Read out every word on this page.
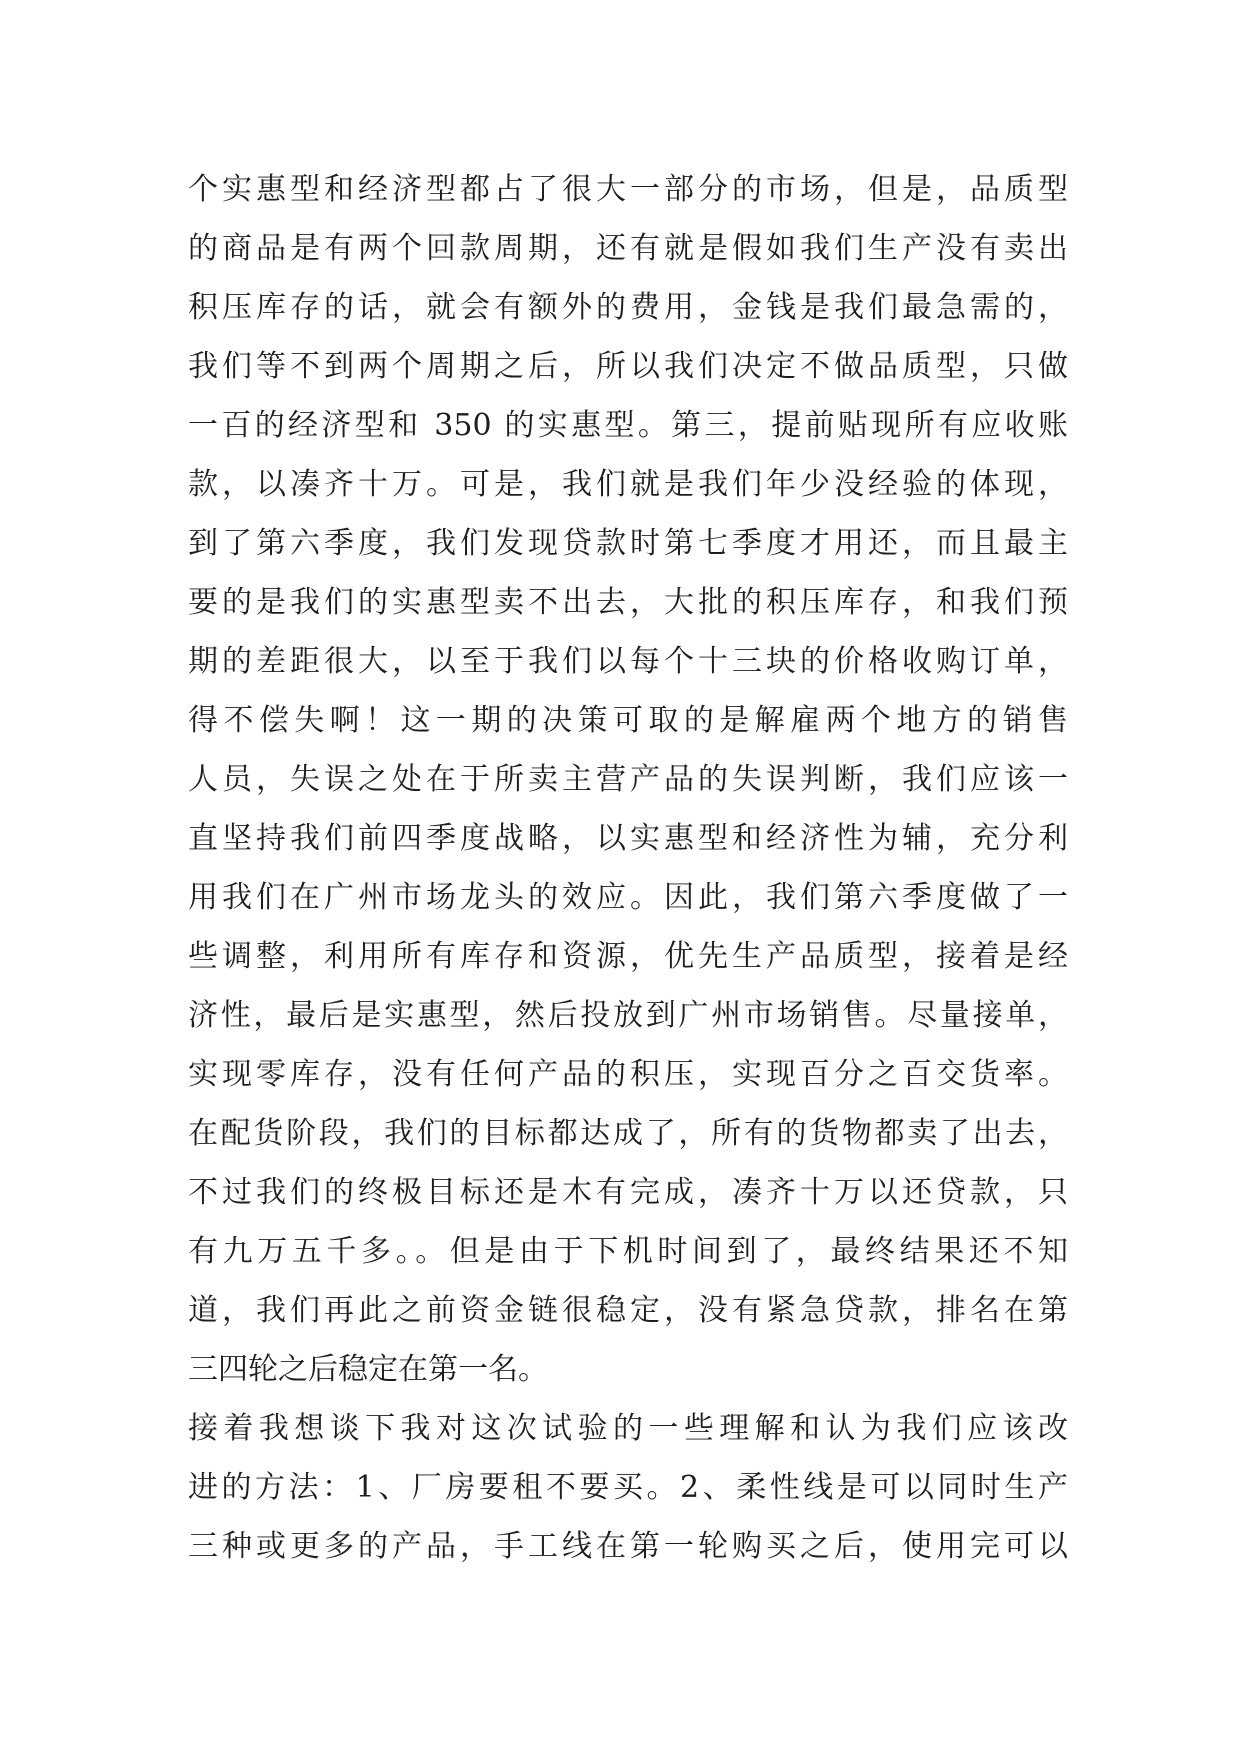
个实惠型和经济型都占了很大一部分的市场，但是，品质型
的商品是有两个回款周期，还有就是假如我们生产没有卖出
积压库存的话，就会有额外的费用，金钱是我们最急需的，
我们等不到两个周期之后，所以我们决定不做品质型，只做
一百的经济型和 350 的实惠型。第三，提前贴现所有应收账
款，以凑齐十万。可是，我们就是我们年少没经验的体现，
到了第六季度，我们发现贷款时第七季度才用还，而且最主
要的是我们的实惠型卖不出去，大批的积压库存，和我们预
期的差距很大，以至于我们以每个十三块的价格收购订单，
得不偿失啊！这一期的决策可取的是解雇两个地方的销售
人员，失误之处在于所卖主营产品的失误判断，我们应该一
直坚持我们前四季度战略，以实惠型和经济性为辅，充分利
用我们在广州市场龙头的效应。因此，我们第六季度做了一
些调整，利用所有库存和资源，优先生产品质型，接着是经
济性，最后是实惠型，然后投放到广州市场销售。尽量接单，
实现零库存，没有任何产品的积压，实现百分之百交货率。
在配货阶段，我们的目标都达成了，所有的货物都卖了出去，
不过我们的终极目标还是木有完成，凑齐十万以还贷款，只
有九万五千多。。但是由于下机时间到了，最终结果还不知
道，我们再此之前资金链很稳定，没有紧急贷款，排名在第
三四轮之后稳定在第一名。
接着我想谈下我对这次试验的一些理解和认为我们应该改
进的方法：1、厂房要租不要买。2、柔性线是可以同时生产
三种或更多的产品，手工线在第一轮购买之后，使用完可以
